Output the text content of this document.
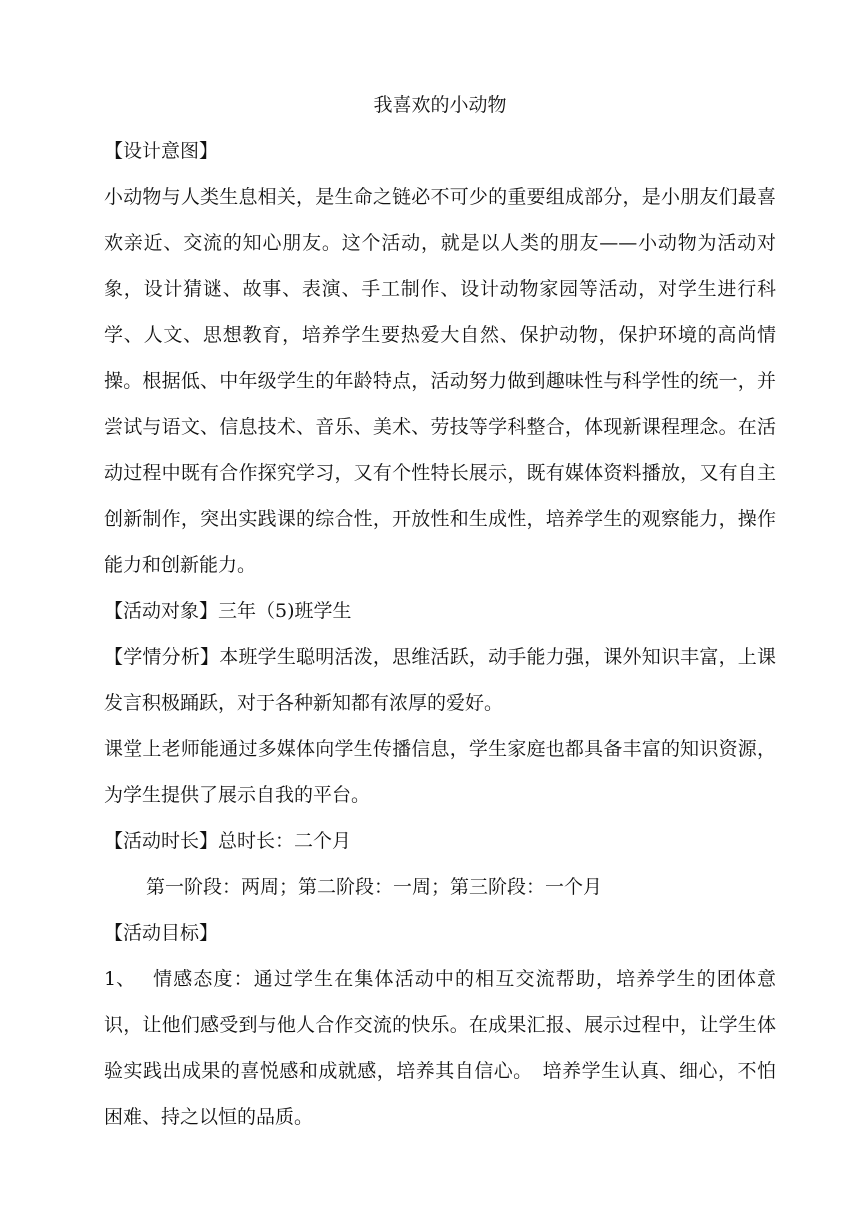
我喜欢的小动物
【设计意图】
小动物与人类生息相关，是生命之链必不可少的重要组成部分，是小朋友们最喜欢亲近、交流的知心朋友。这个活动，就是以人类的朋友——小动物为活动对象，设计猜谜、故事、表演、手工制作、设计动物家园等活动，对学生进行科学、人文、思想教育，培养学生要热爱大自然、保护动物，保护环境的高尚情操。根据低、中年级学生的年龄特点，活动努力做到趣味性与科学性的统一，并尝试与语文、信息技术、音乐、美术、劳技等学科整合，体现新课程理念。在活动过程中既有合作探究学习，又有个性特长展示，既有媒体资料播放，又有自主创新制作，突出实践课的综合性，开放性和生成性，培养学生的观察能力，操作能力和创新能力。
【活动对象】三年（5)班学生
【学情分析】本班学生聪明活泼，思维活跃，动手能力强，课外知识丰富，上课发言积极踊跃，对于各种新知都有浓厚的爱好。
课堂上老师能通过多媒体向学生传播信息，学生家庭也都具备丰富的知识资源，为学生提供了展示自我的平台。
【活动时长】总时长：二个月
第一阶段：两周；第二阶段：一周；第三阶段：一个月
【活动目标】
1、 情感态度：通过学生在集体活动中的相互交流帮助，培养学生的团体意识，让他们感受到与他人合作交流的快乐。在成果汇报、展示过程中，让学生体验实践出成果的喜悦感和成就感，培养其自信心。　培养学生认真、细心，不怕困难、持之以恒的品质。
